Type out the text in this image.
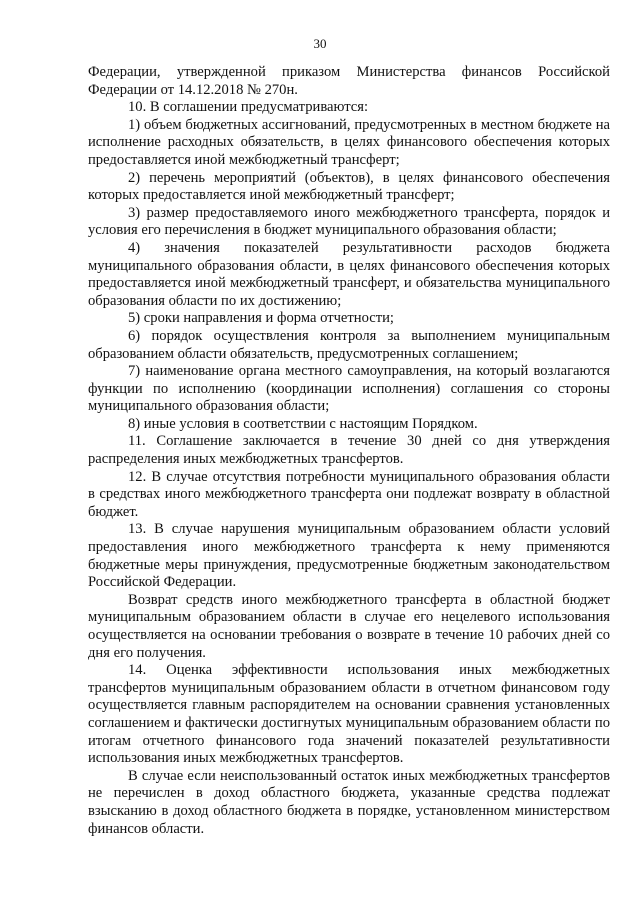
30

Федерации, утвержденной приказом Министерства финансов Российской Федерации от 14.12.2018 № 270н.

10. В соглашении предусматриваются:

1) объем бюджетных ассигнований, предусмотренных в местном бюджете на исполнение расходных обязательств, в целях финансового обеспечения которых предоставляется иной межбюджетный трансферт;

2) перечень мероприятий (объектов), в целях финансового обеспечения которых предоставляется иной межбюджетный трансферт;

3) размер предоставляемого иного межбюджетного трансферта, порядок и условия его перечисления в бюджет муниципального образования области;

4) значения показателей результативности расходов бюджета муниципального образования области, в целях финансового обеспечения которых предоставляется иной межбюджетный трансферт, и обязательства муниципального образования области по их достижению;

5) сроки направления и форма отчетности;

6) порядок осуществления контроля за выполнением муниципальным образованием области обязательств, предусмотренных соглашением;

7) наименование органа местного самоуправления, на который возлагаются функции по исполнению (координации исполнения) соглашения со стороны муниципального образования области;

8) иные условия в соответствии с настоящим Порядком.

11. Соглашение заключается в течение 30 дней со дня утверждения распределения иных межбюджетных трансфертов.

12. В случае отсутствия потребности муниципального образования области в средствах иного межбюджетного трансферта они подлежат возврату в областной бюджет.

13. В случае нарушения муниципальным образованием области условий предоставления иного межбюджетного трансферта к нему применяются бюджетные меры принуждения, предусмотренные бюджетным законодательством Российской Федерации.

Возврат средств иного межбюджетного трансферта в областной бюджет муниципальным образованием области в случае его нецелевого использования осуществляется на основании требования о возврате в течение 10 рабочих дней со дня его получения.

14. Оценка эффективности использования иных межбюджетных трансфертов муниципальным образованием области в отчетном финансовом году осуществляется главным распорядителем на основании сравнения установленных соглашением и фактически достигнутых муниципальным образованием области по итогам отчетного финансового года значений показателей результативности использования иных межбюджетных трансфертов.

В случае если неиспользованный остаток иных межбюджетных трансфертов не перечислен в доход областного бюджета, указанные средства подлежат взысканию в доход областного бюджета в порядке, установленном министерством финансов области.
